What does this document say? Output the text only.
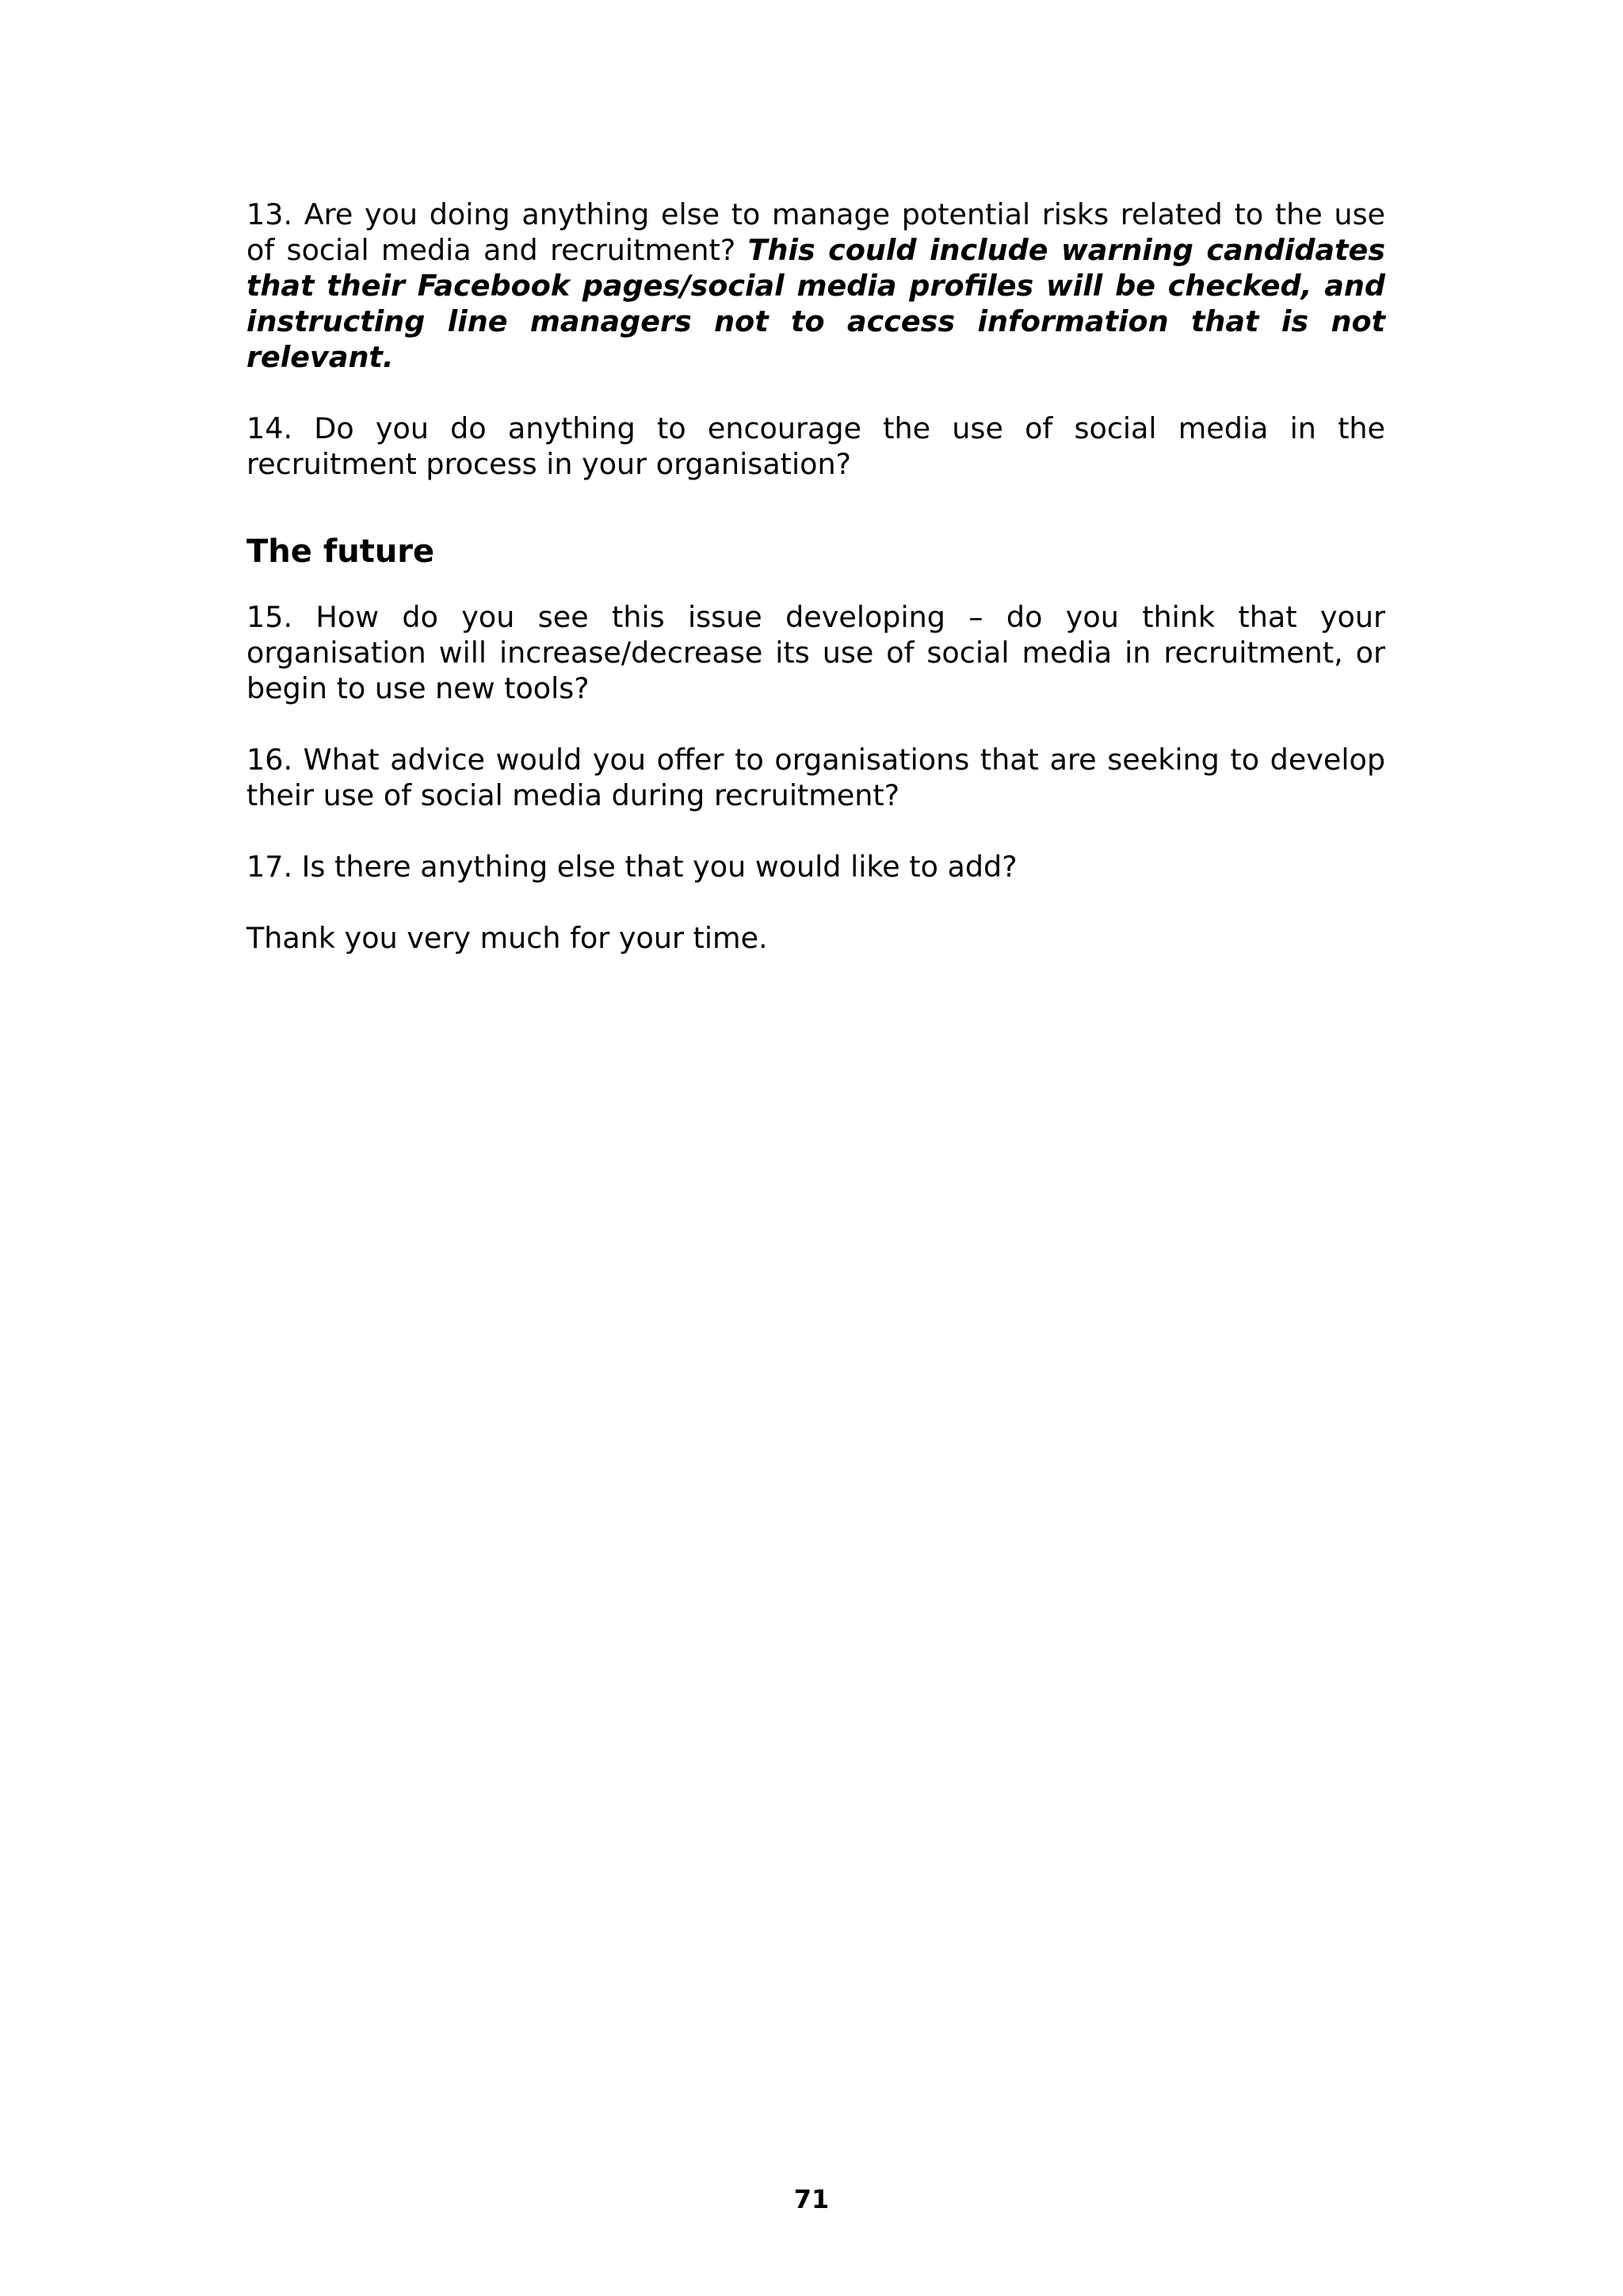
13. Are you doing anything else to manage potential risks related to the use of social media and recruitment? This could include warning candidates that their Facebook pages/social media profiles will be checked, and instructing line managers not to access information that is not relevant.

14. Do you do anything to encourage the use of social media in the recruitment process in your organisation?

The future

15. How do you see this issue developing – do you think that your organisation will increase/decrease its use of social media in recruitment, or begin to use new tools?

16. What advice would you offer to organisations that are seeking to develop their use of social media during recruitment?

17. Is there anything else that you would like to add?

Thank you very much for your time.

71
